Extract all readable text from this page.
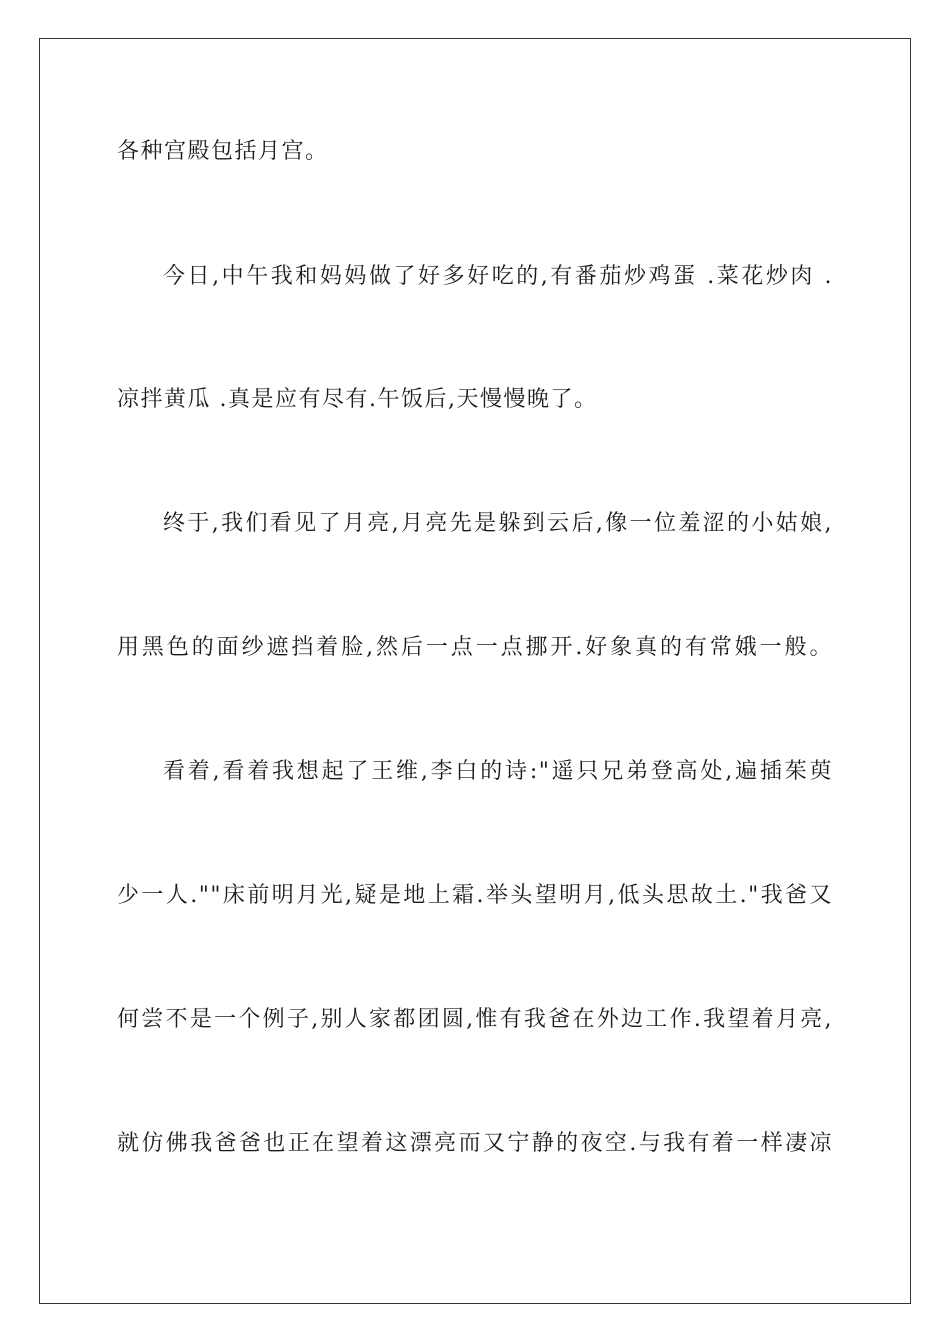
各种宫殿包括月宫。
今日,中午我和妈妈做了好多好吃的,有番茄炒鸡蛋 .菜花炒肉 .
凉拌黄瓜 .真是应有尽有.午饭后,天慢慢晚了。
终于,我们看见了月亮,月亮先是躲到云后,像一位羞涩的小姑娘,
用黑色的面纱遮挡着脸,然后一点一点挪开.好象真的有常娥一般。
看着,看着我想起了王维,李白的诗:"遥只兄弟登高处,遍插茱萸
少一人.""床前明月光,疑是地上霜.举头望明月,低头思故土."我爸又
何尝不是一个例子,别人家都团圆,惟有我爸在外边工作.我望着月亮,
就仿佛我爸爸也正在望着这漂亮而又宁静的夜空.与我有着一样凄凉
